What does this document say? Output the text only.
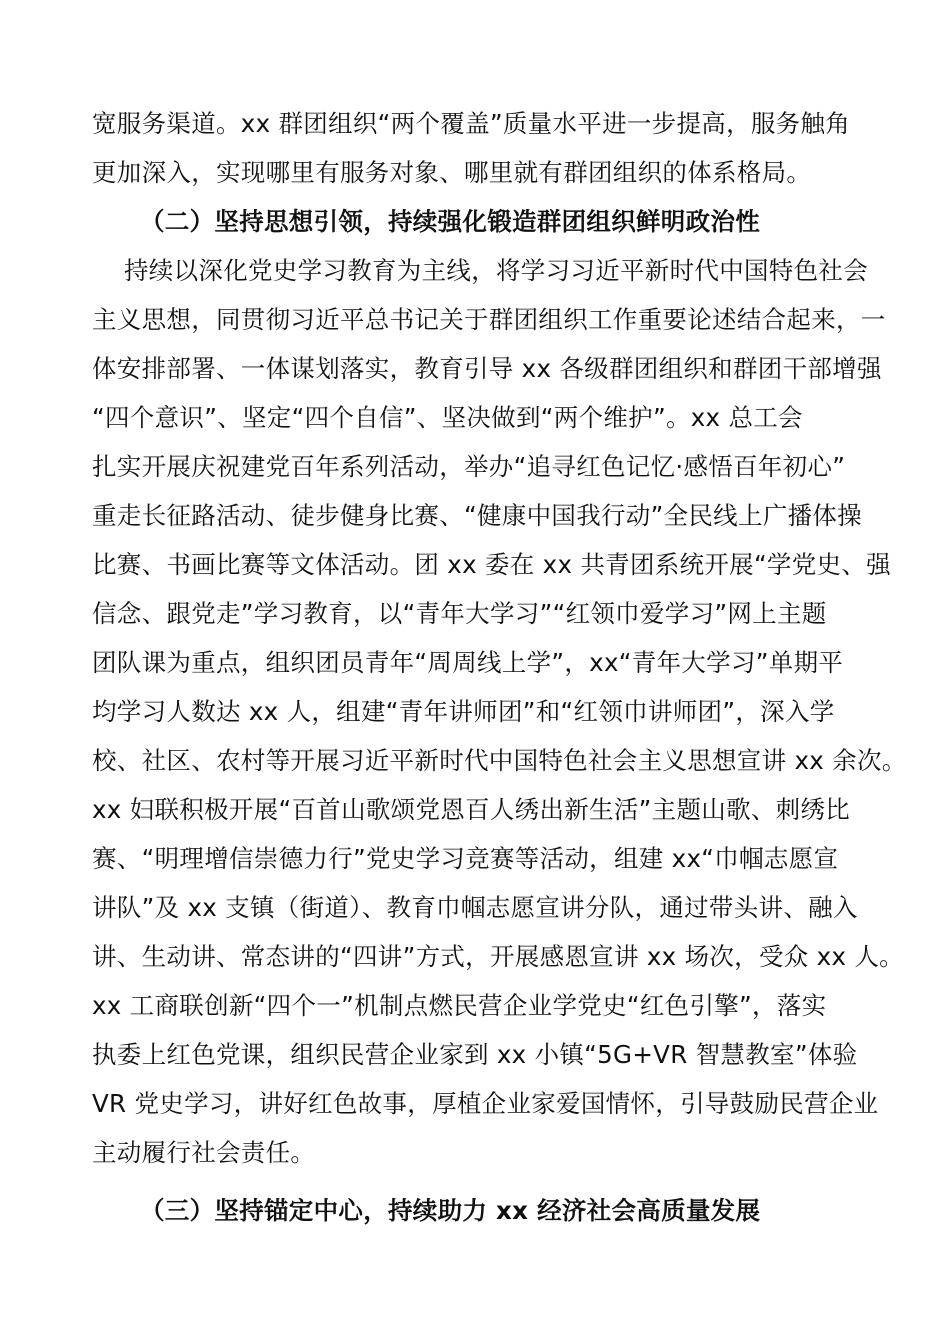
宽服务渠道。xx 群团组织“两个覆盖”质量水平进一步提高，服务触角
更加深入，实现哪里有服务对象、哪里就有群团组织的体系格局。
（二）坚持思想引领，持续强化锻造群团组织鲜明政治性
持续以深化党史学习教育为主线，将学习习近平新时代中国特色社会
主义思想，同贯彻习近平总书记关于群团组织工作重要论述结合起来，一
体安排部署、一体谋划落实，教育引导 xx 各级群团组织和群团干部增强
“四个意识”、坚定“四个自信”、坚决做到“两个维护”。xx 总工会
扎实开展庆祝建党百年系列活动，举办“追寻红色记忆·感悟百年初心”
重走长征路活动、徒步健身比赛、“健康中国我行动”全民线上广播体操
比赛、书画比赛等文体活动。团 xx 委在 xx 共青团系统开展“学党史、强
信念、跟党走”学习教育，以“青年大学习”“红领巾爱学习”网上主题
团队课为重点，组织团员青年“周周线上学”，xx“青年大学习”单期平
均学习人数达 xx 人，组建“青年讲师团”和“红领巾讲师团”，深入学
校、社区、农村等开展习近平新时代中国特色社会主义思想宣讲 xx 余次。
xx 妇联积极开展“百首山歌颂党恩百人绣出新生活”主题山歌、刺绣比
赛、“明理增信崇德力行”党史学习竞赛等活动，组建 xx“巾帼志愿宣
讲队”及 xx 支镇（街道）、教育巾帼志愿宣讲分队，通过带头讲、融入
讲、生动讲、常态讲的“四讲”方式，开展感恩宣讲 xx 场次，受众 xx 人。
xx 工商联创新“四个一”机制点燃民营企业学党史“红色引擎”，落实
执委上红色党课，组织民营企业家到 xx 小镇“5G+VR 智慧教室”体验
VR 党史学习，讲好红色故事，厚植企业家爱国情怀，引导鼓励民营企业
主动履行社会责任。
（三）坚持锚定中心，持续助力 xx 经济社会高质量发展
